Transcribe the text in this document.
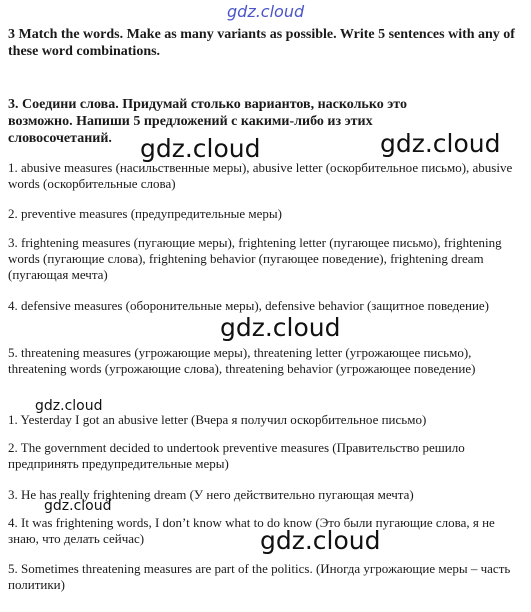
gdz.cloud

3 Match the words. Make as many variants as possible. Write 5 sentences with any of these word combinations.

3. Соедини слова. Придумай столько вариантов, насколько это возможно. Напиши 5 предложений с какими-либо из этих словосочетаний.

1. abusive measures (насильственные меры), abusive letter (оскорбительное письмо), abusive words (оскорбительные слова)

2. preventive measures (предупредительные меры)

3. frightening measures (пугающие меры), frightening letter (пугающее письмо), frightening words (пугающие слова), frightening behavior (пугающее поведение), frightening dream (пугающая мечта)

4. defensive measures (оборонительные меры), defensive behavior (защитное поведение)

5. threatening measures (угрожающие меры), threatening letter (угрожающее письмо), threatening words (угрожающие слова), threatening behavior (угрожающее поведение)

1. Yesterday I got an abusive letter (Вчера я получил оскорбительное письмо)

2. The government decided to undertook preventive measures (Правительство решило предпринять предупредительные меры)

3. He has really frightening dream (У него действительно пугающая мечта)

4. It was frightening words, I don’t know what to do know (Это были пугающие слова, я не знаю, что делать сейчас)

5. Sometimes threatening measures are part of the politics. (Иногда угрожающие меры – часть политики)

gdz.cloud	gdz.cloud
gdz.cloud
gdz.cloud
gdz.cloud
gdz.cloud
